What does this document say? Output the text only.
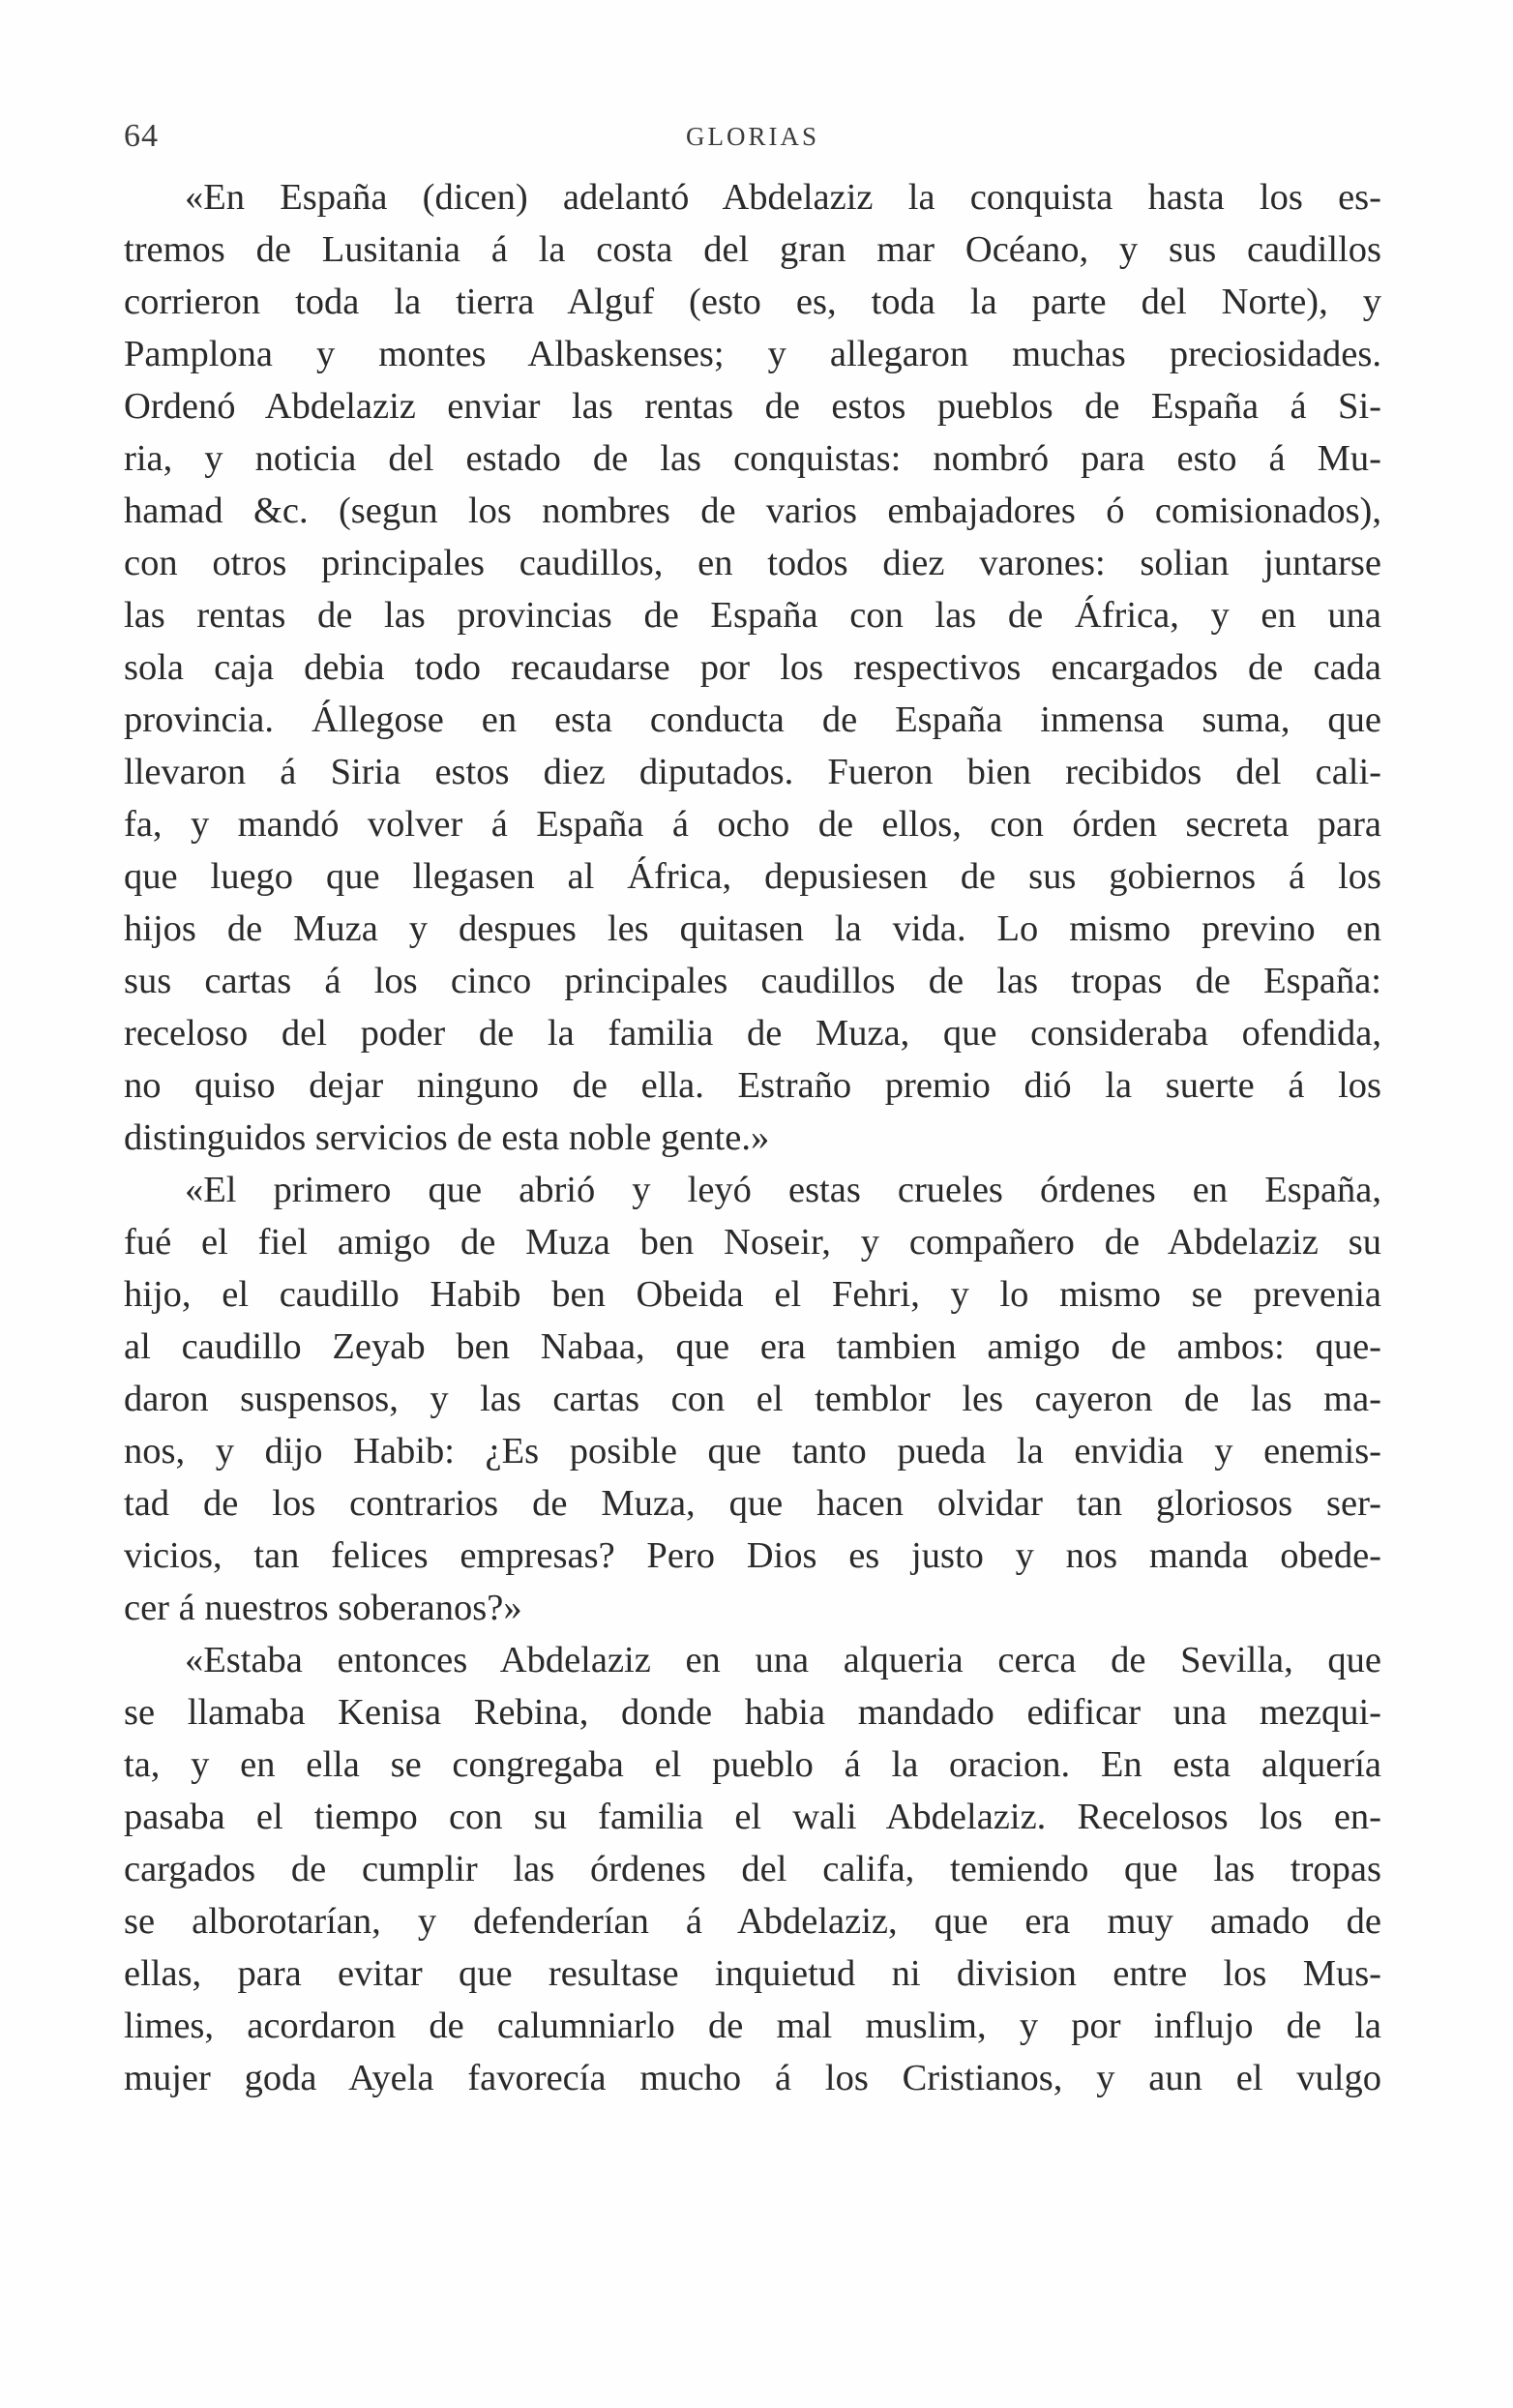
64	GLORIAS
«En España (dicen) adelantó Abdelaziz la conquista hasta los es-
tremos de Lusitania á la costa del gran mar Océano, y sus caudillos
corrieron toda la tierra Alguf (esto es, toda la parte del Norte), y
Pamplona y montes Albaskenses; y allegaron muchas preciosidades.
Ordenó Abdelaziz enviar las rentas de estos pueblos de España á Si-
ria, y noticia del estado de las conquistas: nombró para esto á Mu-
hamad &c. (segun los nombres de varios embajadores ó comisionados),
con otros principales caudillos, en todos diez varones: solian juntarse
las rentas de las provincias de España con las de África, y en una
sola caja debia todo recaudarse por los respectivos encargados de cada
provincia. Állegose en esta conducta de España inmensa suma, que
llevaron á Siria estos diez diputados. Fueron bien recibidos del cali-
fa, y mandó volver á España á ocho de ellos, con órden secreta para
que luego que llegasen al África, depusiesen de sus gobiernos á los
hijos de Muza y despues les quitasen la vida. Lo mismo previno en
sus cartas á los cinco principales caudillos de las tropas de España:
receloso del poder de la familia de Muza, que consideraba ofendida,
no quiso dejar ninguno de ella. Estraño premio dió la suerte á los
distinguidos servicios de esta noble gente.»
«El primero que abrió y leyó estas crueles órdenes en España,
fué el fiel amigo de Muza ben Noseir, y compañero de Abdelaziz su
hijo, el caudillo Habib ben Obeida el Fehri, y lo mismo se prevenia
al caudillo Zeyab ben Nabaa, que era tambien amigo de ambos: que-
daron suspensos, y las cartas con el temblor les cayeron de las ma-
nos, y dijo Habib: ¿Es posible que tanto pueda la envidia y enemis-
tad de los contrarios de Muza, que hacen olvidar tan gloriosos ser-
vicios, tan felices empresas? Pero Dios es justo y nos manda obede-
cer á nuestros soberanos?»
«Estaba entonces Abdelaziz en una alqueria cerca de Sevilla, que
se llamaba Kenisa Rebina, donde habia mandado edificar una mezqui-
ta, y en ella se congregaba el pueblo á la oracion. En esta alquería
pasaba el tiempo con su familia el wali Abdelaziz. Recelosos los en-
cargados de cumplir las órdenes del califa, temiendo que las tropas
se alborotarían, y defenderían á Abdelaziz, que era muy amado de
ellas, para evitar que resultase inquietud ni division entre los Mus-
limes, acordaron de calumniarlo de mal muslim, y por influjo de la
mujer goda Ayela favorecía mucho á los Cristianos, y aun el vulgo
